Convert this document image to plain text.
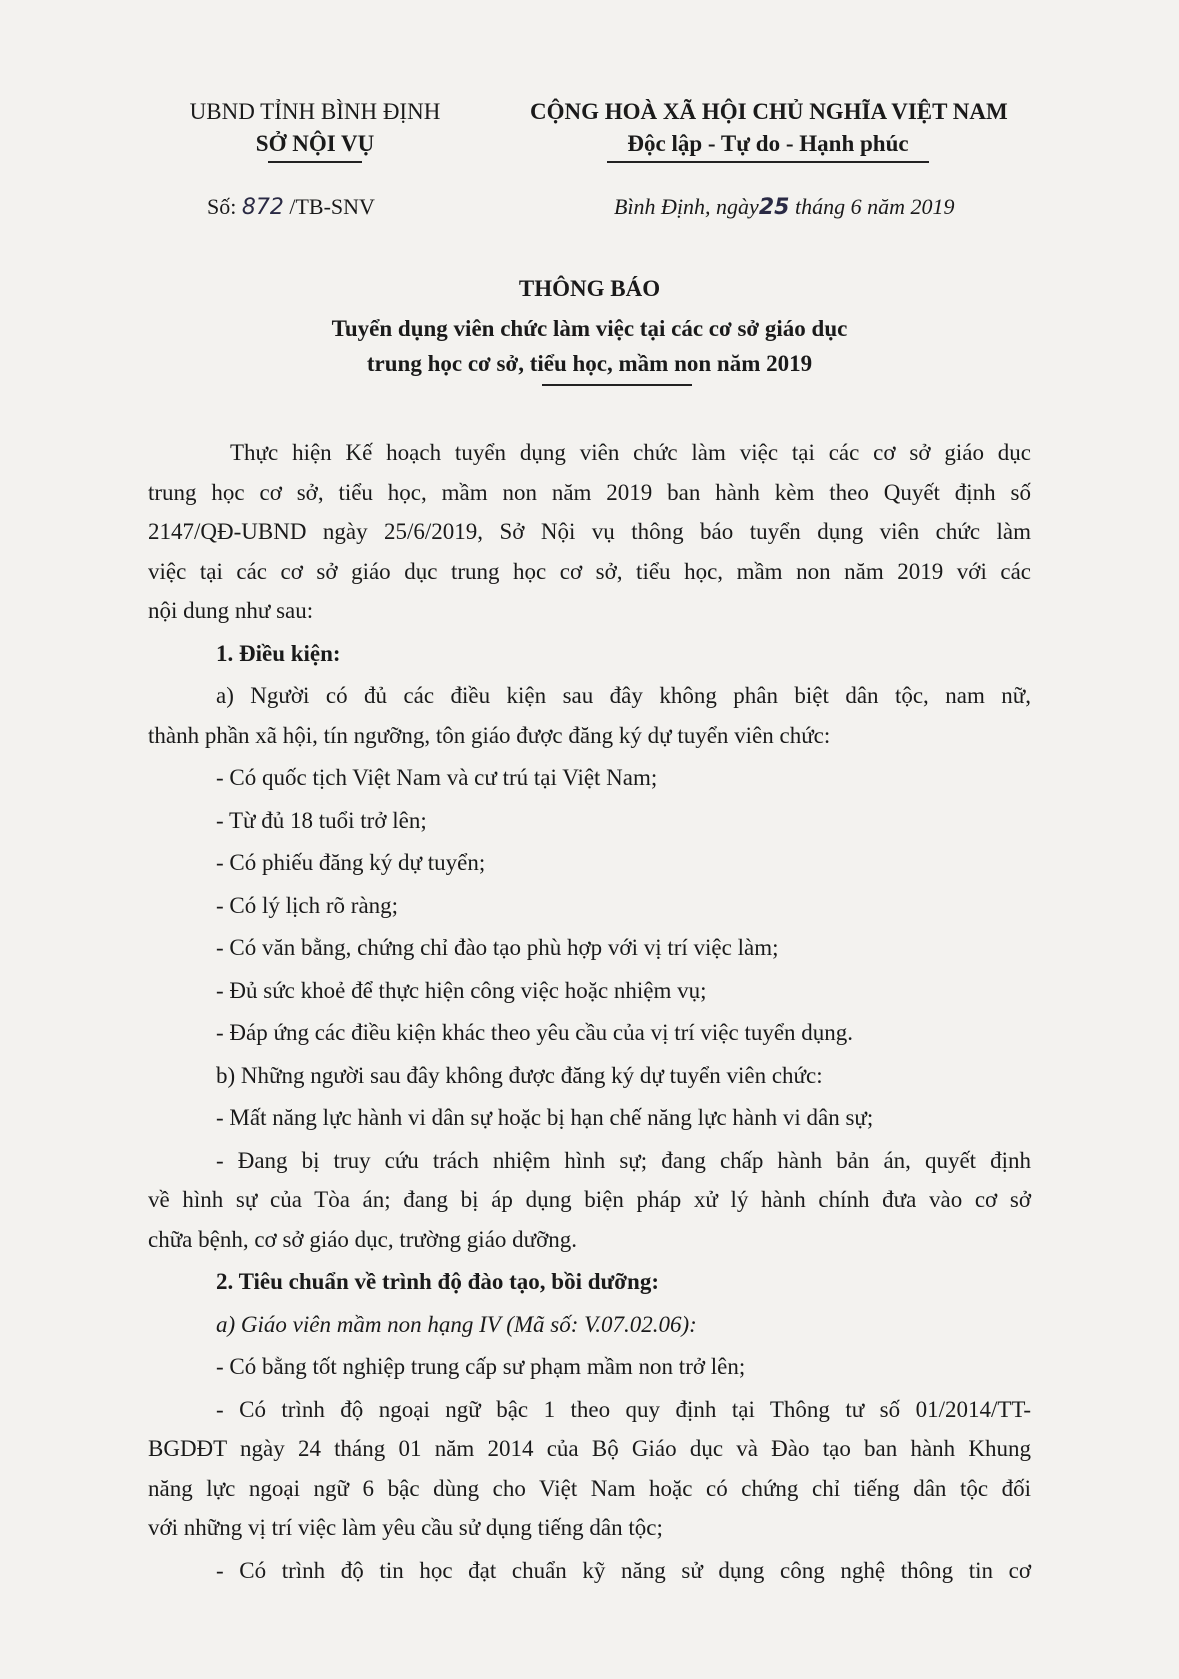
UBND TỈNH BÌNH ĐỊNH
SỞ NỘI VỤ
CỘNG HOÀ XÃ HỘI CHỦ NGHĨA VIỆT NAM
Độc lập - Tự do - Hạnh phúc
Số: 872 /TB-SNV	Bình Định, ngày25 tháng 6 năm 2019
THÔNG BÁO
Tuyển dụng viên chức làm việc tại các cơ sở giáo dục
trung học cơ sở, tiểu học, mầm non năm 2019

Thực hiện Kế hoạch tuyển dụng viên chức làm việc tại các cơ sở giáo dục
trung học cơ sở, tiểu học, mầm non năm 2019 ban hành kèm theo Quyết định số
2147/QĐ-UBND ngày 25/6/2019, Sở Nội vụ thông báo tuyển dụng viên chức làm
việc tại các cơ sở giáo dục trung học cơ sở, tiểu học, mầm non năm 2019 với các
nội dung như sau:

1. Điều kiện:

a) Người có đủ các điều kiện sau đây không phân biệt dân tộc, nam nữ,
thành phần xã hội, tín ngưỡng, tôn giáo được đăng ký dự tuyển viên chức:

- Có quốc tịch Việt Nam và cư trú tại Việt Nam;

- Từ đủ 18 tuổi trở lên;

- Có phiếu đăng ký dự tuyển;

- Có lý lịch rõ ràng;

- Có văn bằng, chứng chỉ đào tạo phù hợp với vị trí việc làm;

- Đủ sức khoẻ để thực hiện công việc hoặc nhiệm vụ;

- Đáp ứng các điều kiện khác theo yêu cầu của vị trí việc tuyển dụng.

b) Những người sau đây không được đăng ký dự tuyển viên chức:

- Mất năng lực hành vi dân sự hoặc bị hạn chế năng lực hành vi dân sự;

- Đang bị truy cứu trách nhiệm hình sự; đang chấp hành bản án, quyết định
về hình sự của Tòa án; đang bị áp dụng biện pháp xử lý hành chính đưa vào cơ sở
chữa bệnh, cơ sở giáo dục, trường giáo dưỡng.

2. Tiêu chuẩn về trình độ đào tạo, bồi dưỡng:

a) Giáo viên mầm non hạng IV (Mã số: V.07.02.06):

- Có bằng tốt nghiệp trung cấp sư phạm mầm non trở lên;

- Có trình độ ngoại ngữ bậc 1 theo quy định tại Thông tư số 01/2014/TT-
BGDĐT ngày 24 tháng 01 năm 2014 của Bộ Giáo dục và Đào tạo ban hành Khung
năng lực ngoại ngữ 6 bậc dùng cho Việt Nam hoặc có chứng chỉ tiếng dân tộc đối
với những vị trí việc làm yêu cầu sử dụng tiếng dân tộc;

- Có trình độ tin học đạt chuẩn kỹ năng sử dụng công nghệ thông tin cơ
